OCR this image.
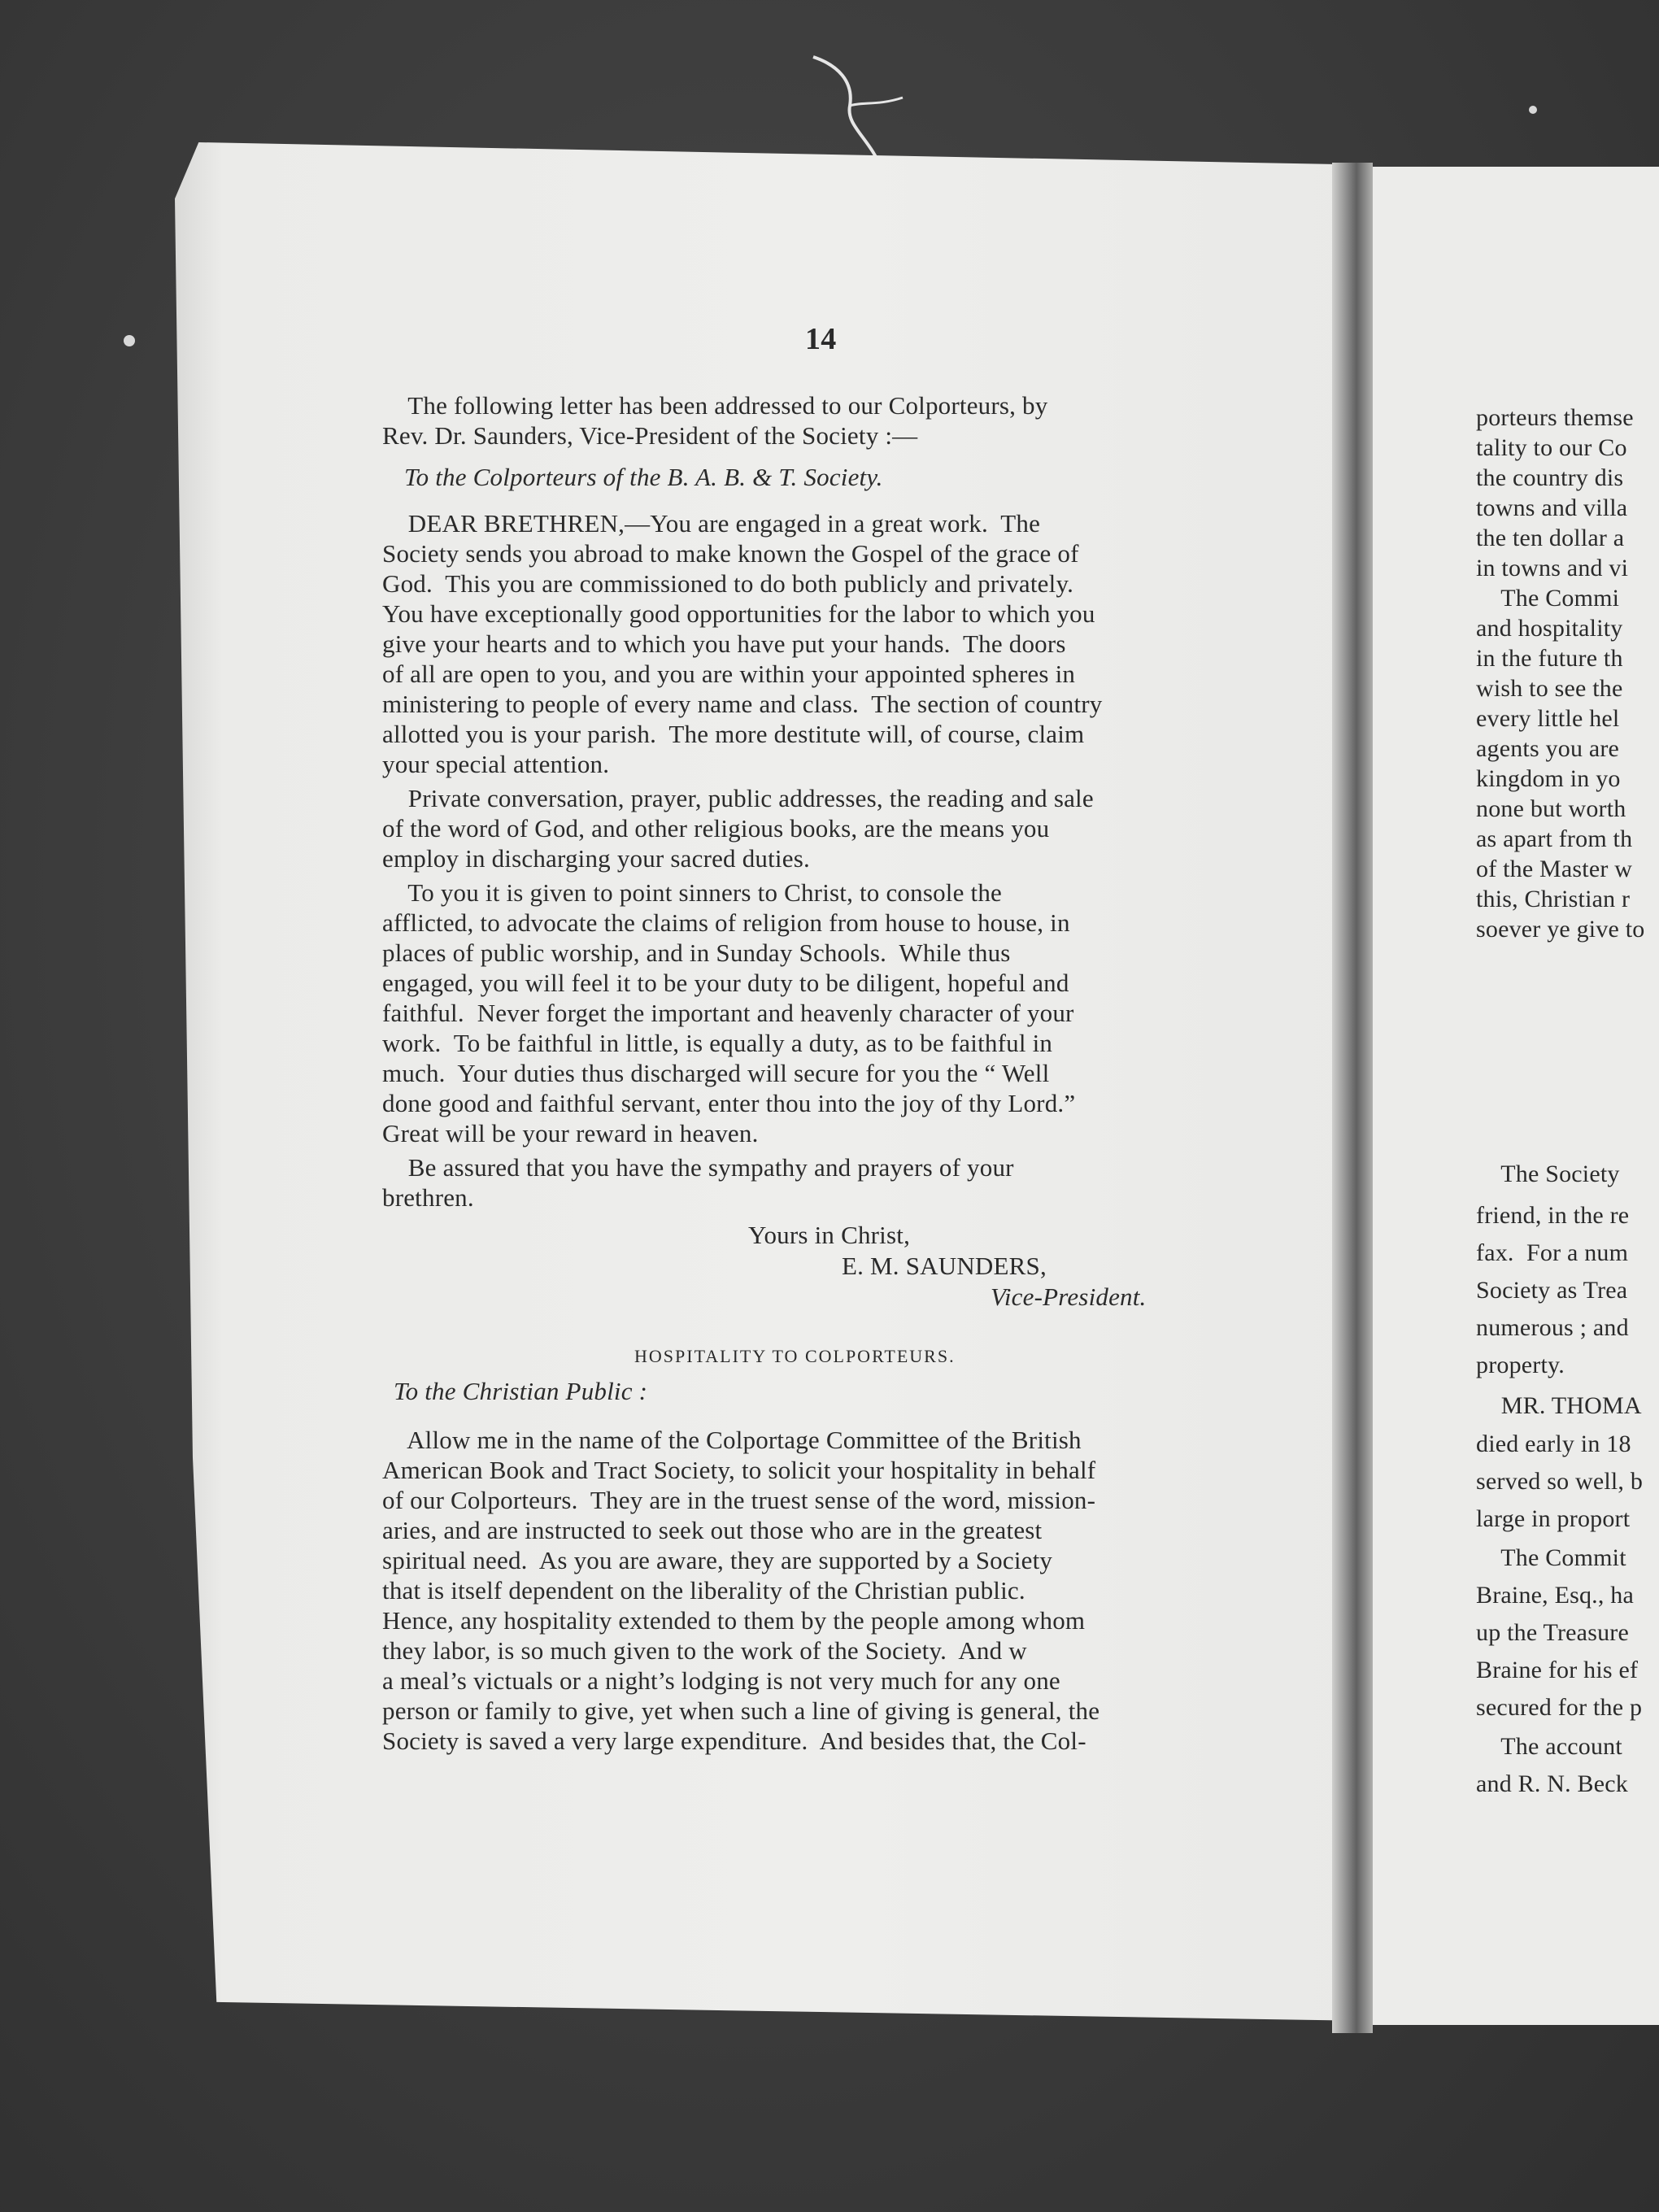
14
The following letter has been addressed to our Colporteurs, by
Rev. Dr. Saunders, Vice-President of the Society :—
To the Colporteurs of the B. A. B. & T. Society.
DEAR BRETHREN,—You are engaged in a great work.  The
Society sends you abroad to make known the Gospel of the grace of
God.  This you are commissioned to do both publicly and privately.
You have exceptionally good opportunities for the labor to which you
give your hearts and to which you have put your hands.  The doors
of all are open to you, and you are within your appointed spheres in
ministering to people of every name and class.  The section of country
allotted you is your parish.  The more destitute will, of course, claim
your special attention.
Private conversation, prayer, public addresses, the reading and sale
of the word of God, and other religious books, are the means you
employ in discharging your sacred duties.
To you it is given to point sinners to Christ, to console the
afflicted, to advocate the claims of religion from house to house, in
places of public worship, and in Sunday Schools.  While thus
engaged, you will feel it to be your duty to be diligent, hopeful and
faithful.  Never forget the important and heavenly character of your
work.  To be faithful in little, is equally a duty, as to be faithful in
much.  Your duties thus discharged will secure for you the “ Well
done good and faithful servant, enter thou into the joy of thy Lord.”
Great will be your reward in heaven.
Be assured that you have the sympathy and prayers of your
brethren.
Yours in Christ,
E. M. SAUNDERS,
Vice-President.
HOSPITALITY TO COLPORTEURS.
To the Christian Public :
Allow me in the name of the Colportage Committee of the British
American Book and Tract Society, to solicit your hospitality in behalf
of our Colporteurs.  They are in the truest sense of the word, mission-
aries, and are instructed to seek out those who are in the greatest
spiritual need.  As you are aware, they are supported by a Society
that is itself dependent on the liberality of the Christian public.
Hence, any hospitality extended to them by the people among whom
they labor, is so much given to the work of the Society.  And w
a meal’s victuals or a night’s lodging is not very much for any one
person or family to give, yet when such a line of giving is general, the
Society is saved a very large expenditure.  And besides that, the Col-
porteurs themse
tality to our Co
the country dis
towns and villa
the ten dollar a
in towns and vi
The Commi
and hospitality
in the future th
wish to see the
every little hel
agents you are
kingdom in yo
none but worth
as apart from th
of the Master w
this, Christian r
soever ye give to
The Society
friend, in the re
fax.  For a num
Society as Trea
numerous ; and
property.
MR. THOMA
died early in 18
served so well, b
large in proport
The Commit
Braine, Esq., ha
up the Treasure
Braine for his ef
secured for the p
The account
and R. N. Beck
